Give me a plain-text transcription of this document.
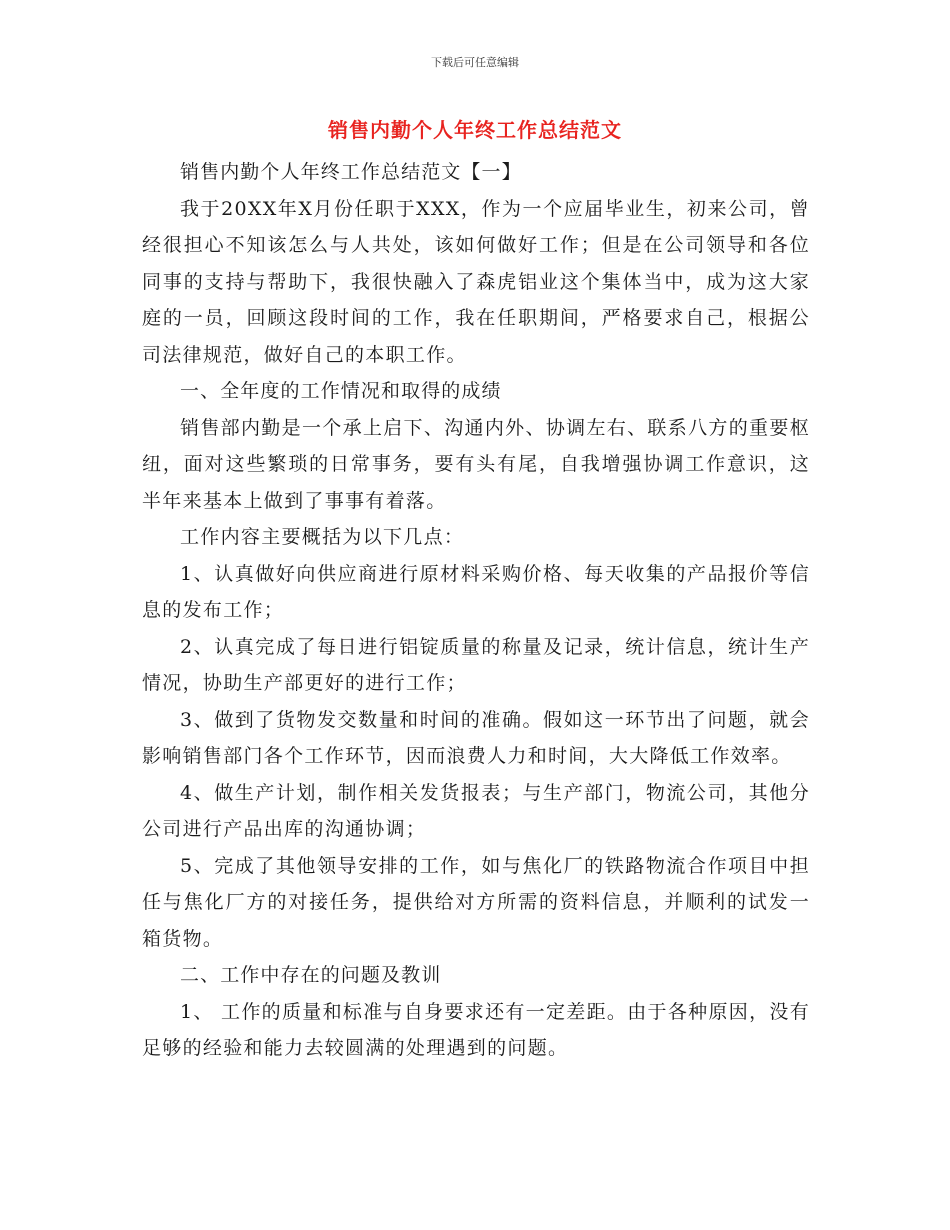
下载后可任意编辑
销售内勤个人年终工作总结范文

销售内勤个人年终工作总结范文【一】

我于20XX年X月份任职于XXX，作为一个应届毕业生，初来公司，曾经很担心不知该怎么与人共处，该如何做好工作；但是在公司领导和各位同事的支持与帮助下，我很快融入了森虎铝业这个集体当中，成为这大家庭的一员，回顾这段时间的工作，我在任职期间，严格要求自己，根据公司法律规范，做好自己的本职工作。

一、全年度的工作情况和取得的成绩

销售部内勤是一个承上启下、沟通内外、协调左右、联系八方的重要枢纽，面对这些繁琐的日常事务，要有头有尾，自我增强协调工作意识，这半年来基本上做到了事事有着落。

工作内容主要概括为以下几点：

1、认真做好向供应商进行原材料采购价格、每天收集的产品报价等信息的发布工作；

2、认真完成了每日进行铝锭质量的称量及记录，统计信息，统计生产情况，协助生产部更好的进行工作；

3、做到了货物发交数量和时间的准确。假如这一环节出了问题，就会影响销售部门各个工作环节，因而浪费人力和时间，大大降低工作效率。

4、做生产计划，制作相关发货报表；与生产部门，物流公司，其他分公司进行产品出库的沟通协调；

5、完成了其他领导安排的工作，如与焦化厂的铁路物流合作项目中担任与焦化厂方的对接任务，提供给对方所需的资料信息，并顺利的试发一箱货物。

二、工作中存在的问题及教训

1、 工作的质量和标准与自身要求还有一定差距。由于各种原因，没有足够的经验和能力去较圆满的处理遇到的问题。
